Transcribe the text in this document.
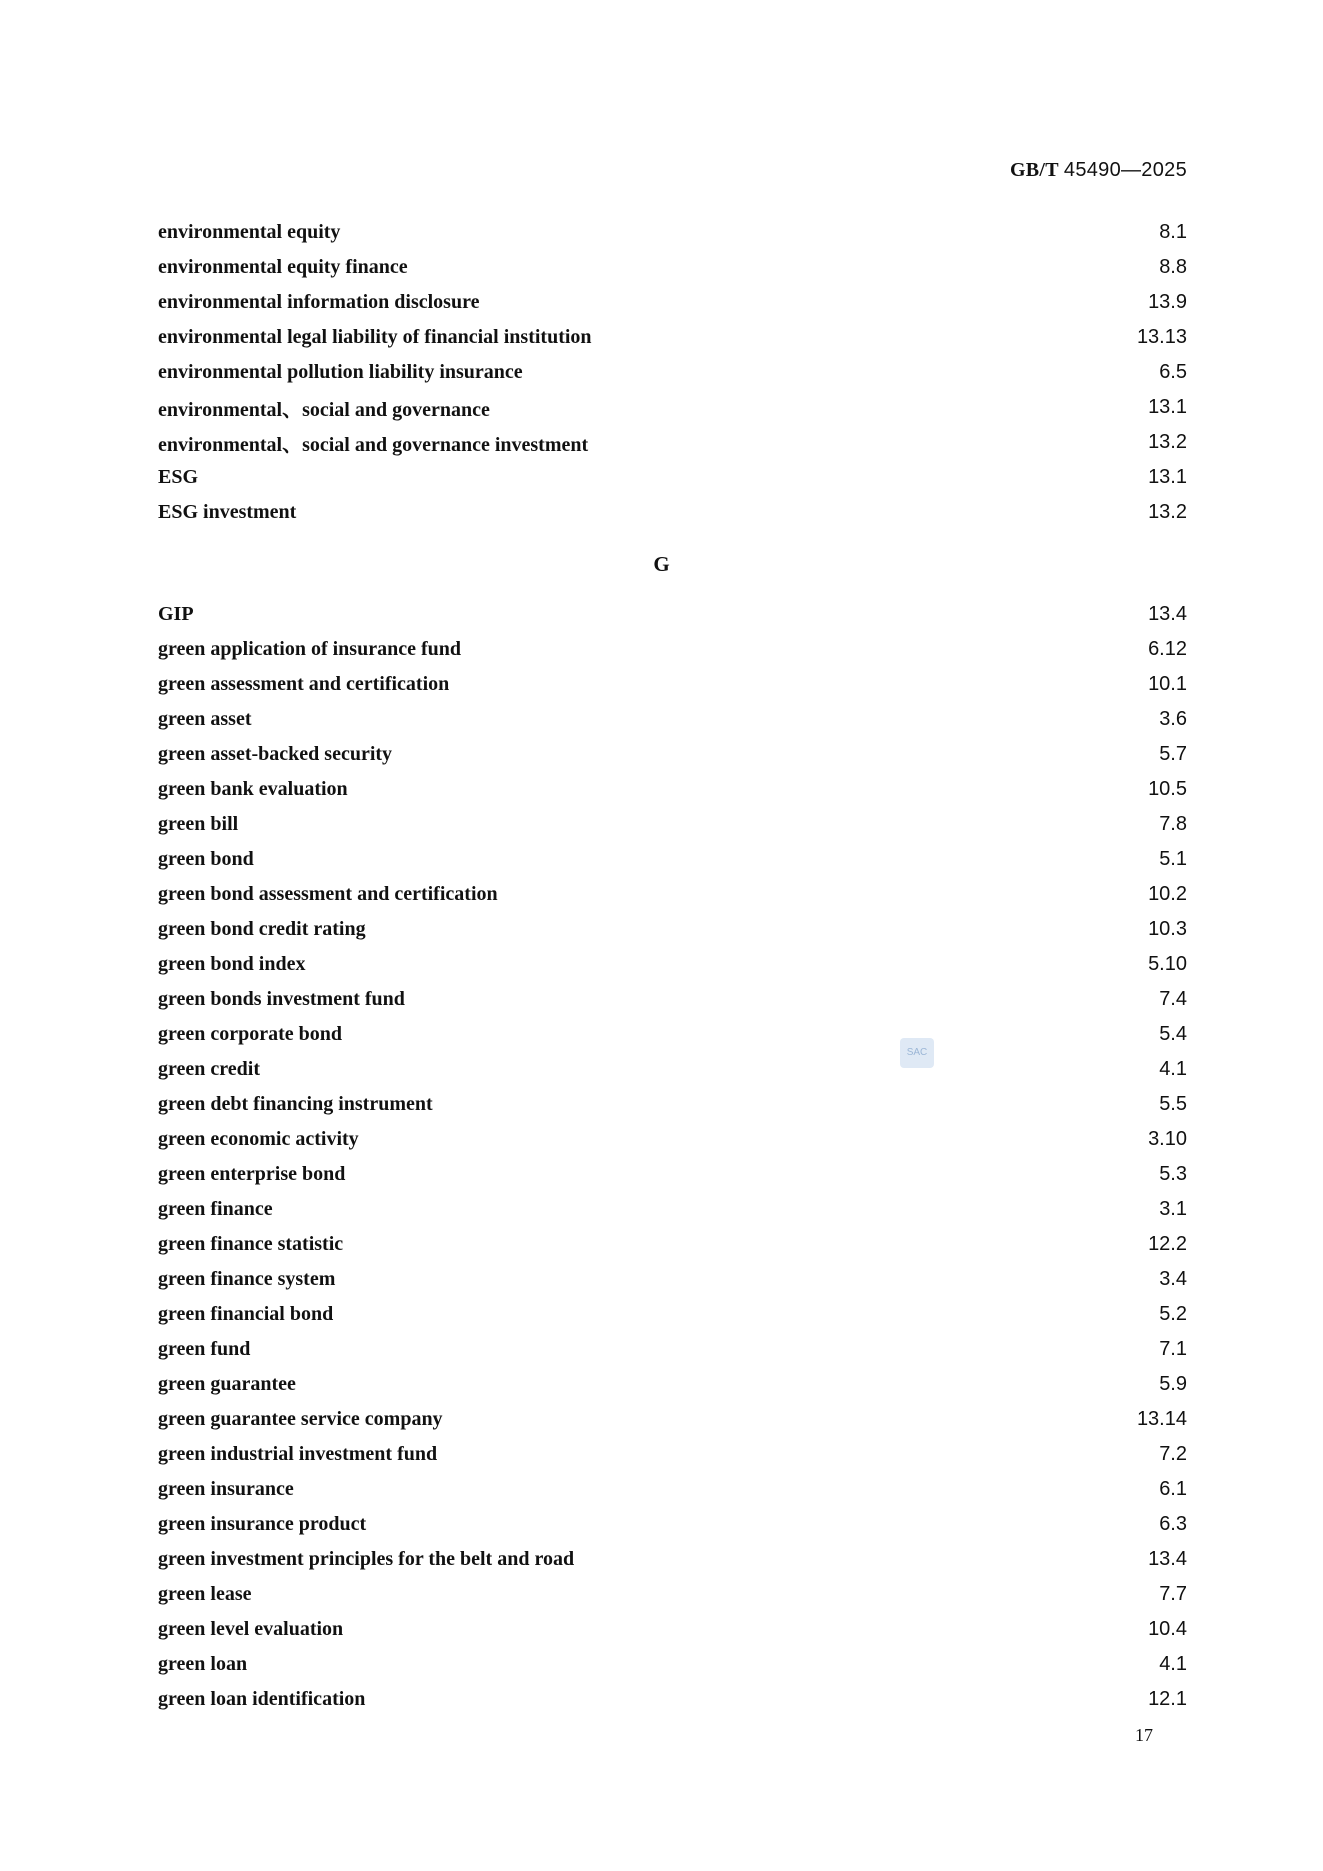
GB/T 45490—2025
environmental equity	8.1
environmental equity finance	8.8
environmental information disclosure	13.9
environmental legal liability of financial institution	13.13
environmental pollution liability insurance	6.5
environmental、social and governance	13.1
environmental、social and governance investment	13.2
ESG	13.1
ESG investment	13.2
G
GIP	13.4
green application of insurance fund	6.12
green assessment and certification	10.1
green asset	3.6
green asset-backed security	5.7
green bank evaluation	10.5
green bill	7.8
green bond	5.1
green bond assessment and certification	10.2
green bond credit rating	10.3
green bond index	5.10
green bonds investment fund	7.4
green corporate bond	5.4
green credit	4.1
green debt financing instrument	5.5
green economic activity	3.10
green enterprise bond	5.3
green finance	3.1
green finance statistic	12.2
green finance system	3.4
green financial bond	5.2
green fund	7.1
green guarantee	5.9
green guarantee service company	13.14
green industrial investment fund	7.2
green insurance	6.1
green insurance product	6.3
green investment principles for the belt and road	13.4
green lease	7.7
green level evaluation	10.4
green loan	4.1
green loan identification	12.1
SAC
17
